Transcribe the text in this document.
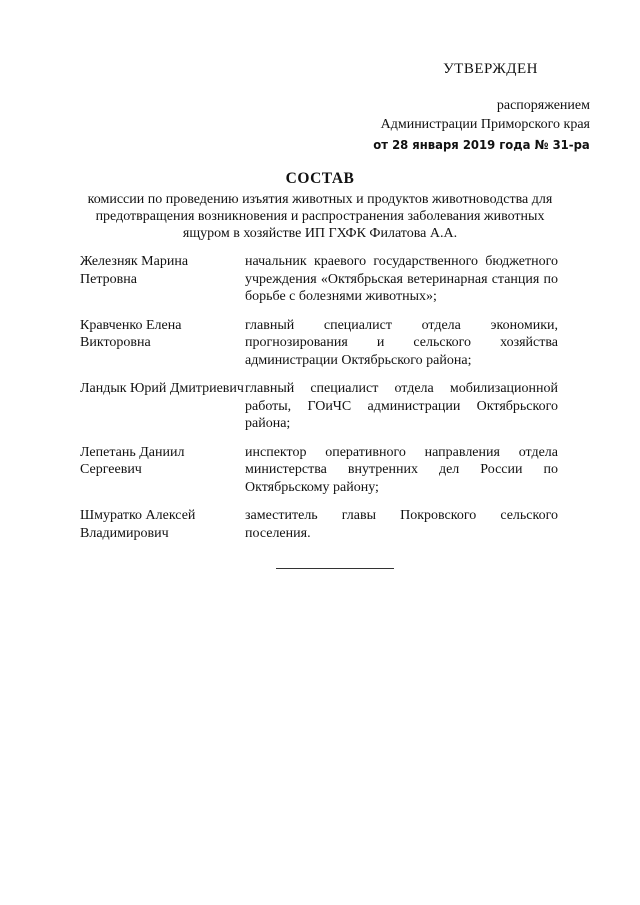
УТВЕРЖДЕН
распоряжением
Администрации Приморского края
от 28 января 2019 года № 31-ра
СОСТАВ
комиссии по проведению изъятия животных и продуктов животноводства для предотвращения возникновения и распространения заболевания животных ящуром в хозяйстве ИП ГХФК Филатова А.А.
Железняк Марина Петровна
начальник краевого государственного бюджетного учреждения «Октябрьская ветеринарная станция по борьбе с болезнями животных»;
Кравченко Елена Викторовна
главный специалист отдела экономики, прогнозирования и сельского хозяйства администрации Октябрьского района;
Ландык Юрий Дмитриевич главный специалист отдела мобилизационной работы, ГОиЧС администрации Октябрьского района;
Лепетань Даниил Сергеевич
инспектор оперативного направления отдела министерства внутренних дел России по Октябрьскому району;
Шмуратко Алексей Владимирович
заместитель главы Покровского сельского поселения.
